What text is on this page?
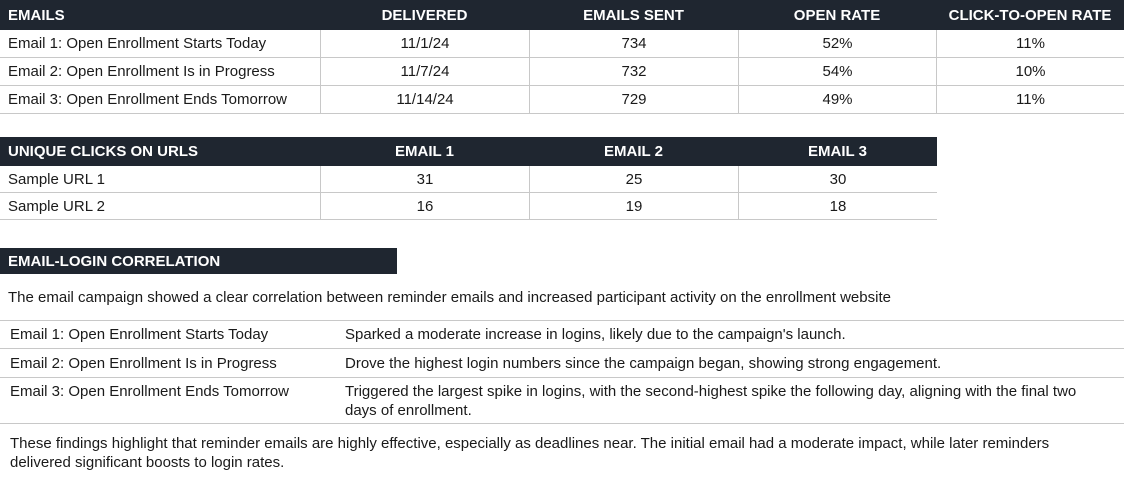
EMAILS	DELIVERED	EMAILS SENT	OPEN RATE	CLICK-TO-OPEN RATE
Email 1: Open Enrollment Starts Today	11/1/24	734	52%	11%
Email 2: Open Enrollment Is in Progress	11/7/24	732	54%	10%
Email 3: Open Enrollment Ends Tomorrow	11/14/24	729	49%	11%
UNIQUE CLICKS ON URLS	EMAIL 1	EMAIL 2	EMAIL 3
Sample URL 1	31	25	30
Sample URL 2	16	19	18
EMAIL-LOGIN CORRELATION
The email campaign showed a clear correlation between reminder emails and increased participant activity on the enrollment website
Email 1: Open Enrollment Starts Today	Sparked a moderate increase in logins, likely due to the campaign's launch.
Email 2: Open Enrollment Is in Progress	Drove the highest login numbers since the campaign began, showing strong engagement.
Email 3: Open Enrollment Ends Tomorrow	Triggered the largest spike in logins, with the second-highest spike the following day, aligning with the final two days of enrollment.
These findings highlight that reminder emails are highly effective, especially as deadlines near. The initial email had a moderate impact, while later reminders delivered significant boosts to login rates.
